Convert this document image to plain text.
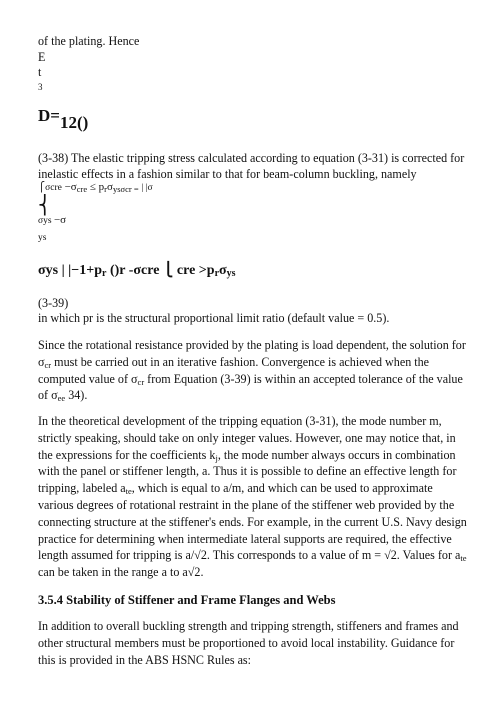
of the plating. Hence
E
t
3
D=12()

(3-38) The elastic tripping stress calculated according to equation (3-31) is corrected for inelastic effects in a fashion similar to that for beam-column buckling, namely

⎧σcre $-\sigma_{cre} \le p_r\sigma_{ys\sigma cr =}$ | |σ
⎨
σys −σ
ys
σys | |−1+pr ()r -σcre ⎩ cre >prσys
(3-39)
in which pr is the structural proportional limit ratio (default value = 0.5).

Since the rotational resistance provided by the plating is load dependent, the solution for $\sigma_{cr}$ must be carried out in an iterative fashion. Convergence is achieved when the computed value of $\sigma_{cr}$ from Equation (3-39) is within an accepted tolerance of the value of $\sigma_{ee}$ 34).

In the theoretical development of the tripping equation (3-31), the mode number m, strictly speaking, should take on only integer values. However, one may notice that, in the expressions for the coefficients $k_j$, the mode number always occurs in combination with the panel or stiffener length, a. Thus it is possible to define an effective length for tripping, labeled $a_{te}$, which is equal to a/m, and which can be used to approximate various degrees of rotational restraint in the plane of the stiffener web provided by the connecting structure at the stiffener's ends. For example, in the current U.S. Navy design practice for determining when intermediate lateral supports are required, the effective length assumed for tripping is a/√2. This corresponds to a value of m = √2. Values for $a_{te}$ can be taken in the range a to a√2.

3.5.4 Stability of Stiffener and Frame Flanges and Webs

In addition to overall buckling strength and tripping strength, stiffeners and frames and other structural members must be proportioned to avoid local instability. Guidance for this is provided in the ABS HSNC Rules as:
